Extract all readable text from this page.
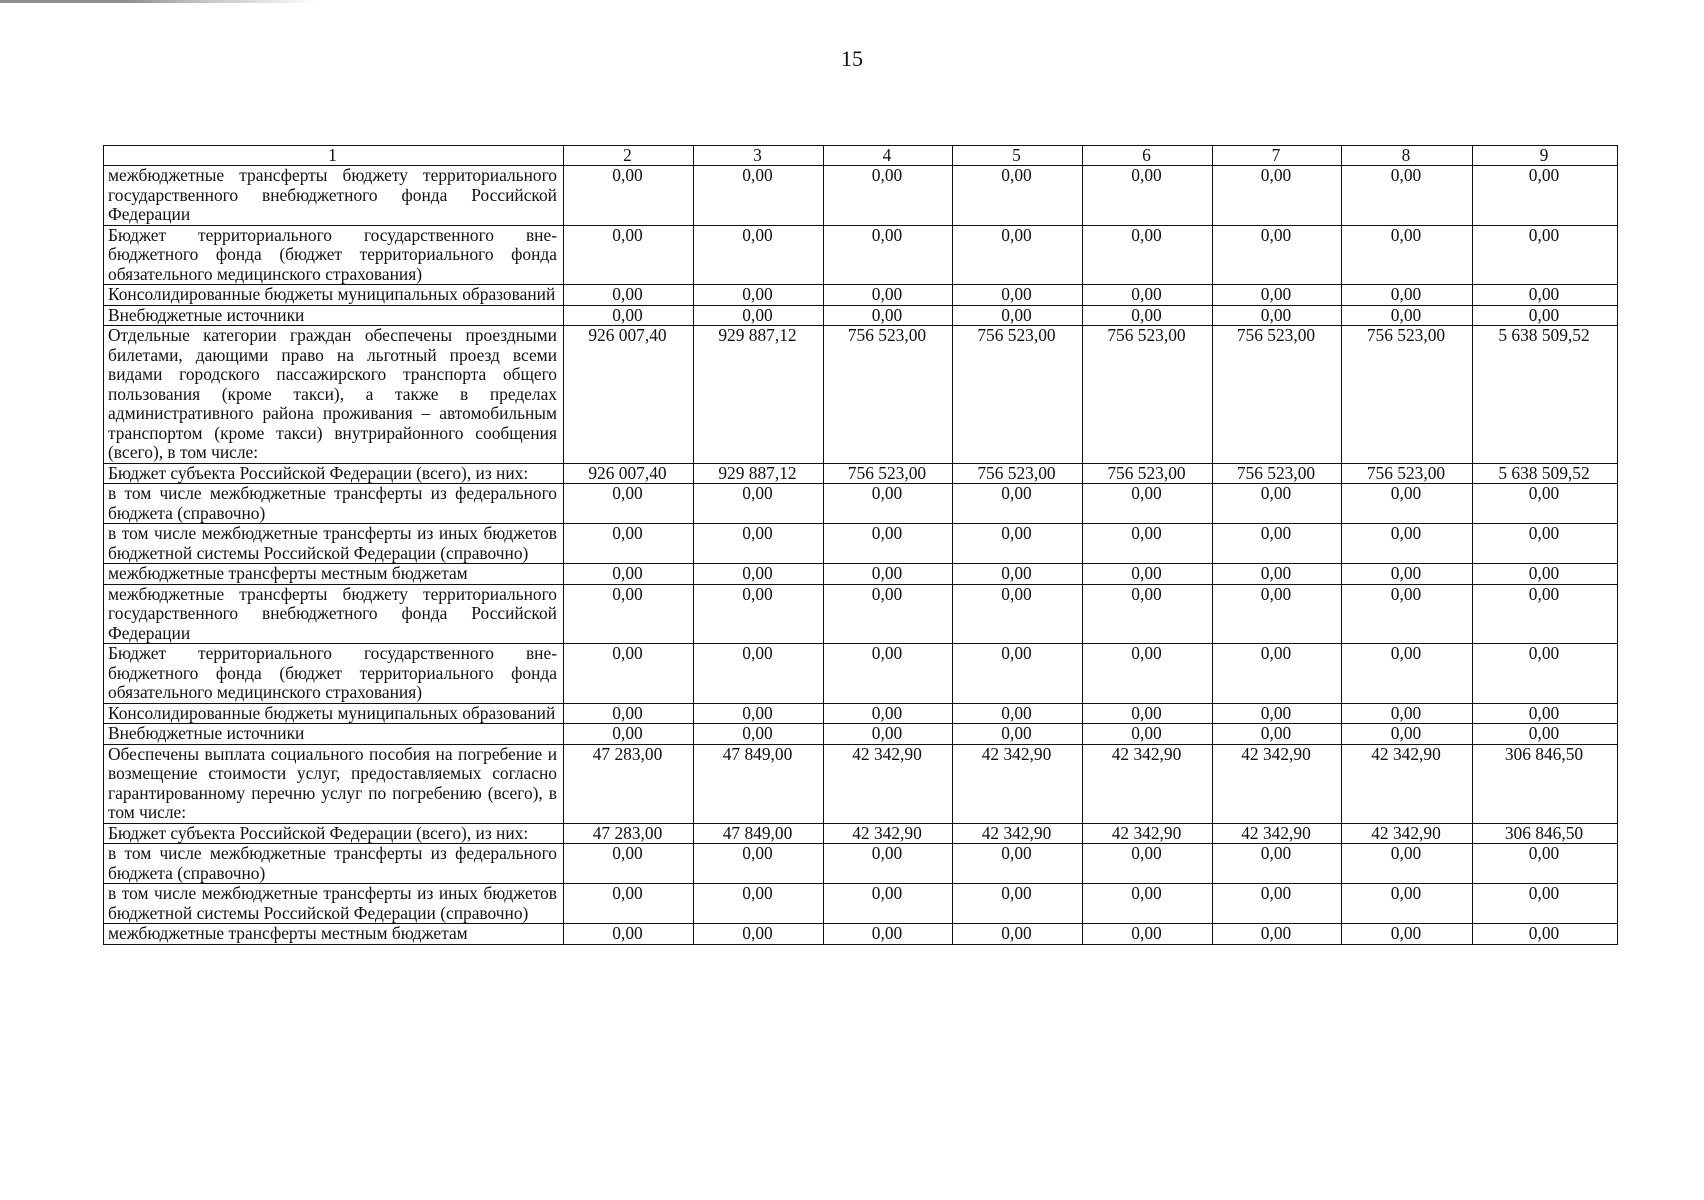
15
1	2	3	4	5	6	7	8	9
межбюджетные трансферты бюджету территориального государственного внебюджетного фонда Российской Федерации	0,00	0,00	0,00	0,00	0,00	0,00	0,00	0,00
Бюджет территориального государственного внебюджетного фонда (бюджет территориального фонда обязательного медицинского страхования)	0,00	0,00	0,00	0,00	0,00	0,00	0,00	0,00
Консолидированные бюджеты муниципальных образований	0,00	0,00	0,00	0,00	0,00	0,00	0,00	0,00
Внебюджетные источники	0,00	0,00	0,00	0,00	0,00	0,00	0,00	0,00
Отдельные категории граждан обеспечены проездными билетами, дающими право на льготный проезд всеми видами городского пассажирского транспорта общего пользования (кроме такси), а также в пределах административного района проживания – автомобильным транспортом (кроме такси) внутрирайонного сообщения (всего), в том числе:	926 007,40	929 887,12	756 523,00	756 523,00	756 523,00	756 523,00	756 523,00	5 638 509,52
Бюджет субъекта Российской Федерации (всего), из них:	926 007,40	929 887,12	756 523,00	756 523,00	756 523,00	756 523,00	756 523,00	5 638 509,52
в том числе межбюджетные трансферты из федерального бюджета (справочно)	0,00	0,00	0,00	0,00	0,00	0,00	0,00	0,00
в том числе межбюджетные трансферты из иных бюджетов бюджетной системы Российской Федерации (справочно)	0,00	0,00	0,00	0,00	0,00	0,00	0,00	0,00
межбюджетные трансферты местным бюджетам	0,00	0,00	0,00	0,00	0,00	0,00	0,00	0,00
межбюджетные трансферты бюджету территориального государственного внебюджетного фонда Российской Федерации	0,00	0,00	0,00	0,00	0,00	0,00	0,00	0,00
Бюджет территориального государственного внебюджетного фонда (бюджет территориального фонда обязательного медицинского страхования)	0,00	0,00	0,00	0,00	0,00	0,00	0,00	0,00
Консолидированные бюджеты муниципальных образований	0,00	0,00	0,00	0,00	0,00	0,00	0,00	0,00
Внебюджетные источники	0,00	0,00	0,00	0,00	0,00	0,00	0,00	0,00
Обеспечены выплата социального пособия на погребение и возмещение стоимости услуг, предоставляемых согласно гарантированному перечню услуг по погребению (всего), в том числе:	47 283,00	47 849,00	42 342,90	42 342,90	42 342,90	42 342,90	42 342,90	306 846,50
Бюджет субъекта Российской Федерации (всего), из них:	47 283,00	47 849,00	42 342,90	42 342,90	42 342,90	42 342,90	42 342,90	306 846,50
в том числе межбюджетные трансферты из федерального бюджета (справочно)	0,00	0,00	0,00	0,00	0,00	0,00	0,00	0,00
в том числе межбюджетные трансферты из иных бюджетов бюджетной системы Российской Федерации (справочно)	0,00	0,00	0,00	0,00	0,00	0,00	0,00	0,00
межбюджетные трансферты местным бюджетам	0,00	0,00	0,00	0,00	0,00	0,00	0,00	0,00
